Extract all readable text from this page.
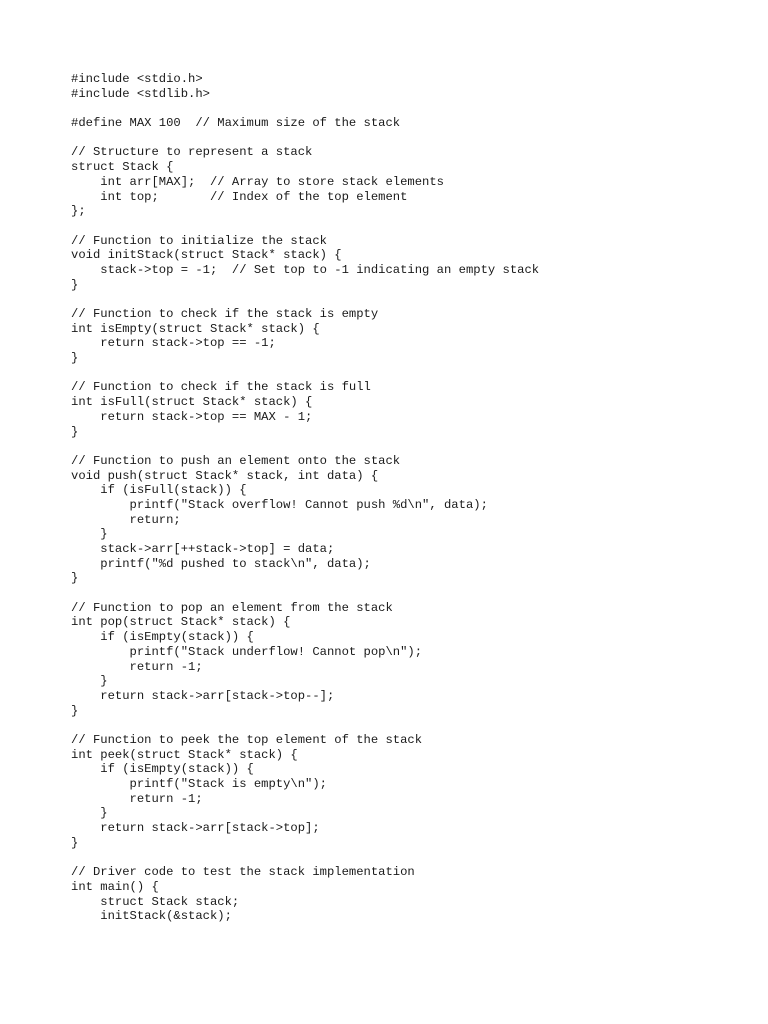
#include <stdio.h>
#include <stdlib.h>
#define MAX 100  // Maximum size of the stack
// Structure to represent a stack
struct Stack {
int arr[MAX];  // Array to store stack elements
int top;       // Index of the top element
};
// Function to initialize the stack
void initStack(struct Stack* stack) {
stack->top = -1;  // Set top to -1 indicating an empty stack
}
// Function to check if the stack is empty
int isEmpty(struct Stack* stack) {
return stack->top == -1;
}
// Function to check if the stack is full
int isFull(struct Stack* stack) {
return stack->top == MAX - 1;
}
// Function to push an element onto the stack
void push(struct Stack* stack, int data) {
if (isFull(stack)) {
printf("Stack overflow! Cannot push %d\n", data);
return;
}
stack->arr[++stack->top] = data;
printf("%d pushed to stack\n", data);
}
// Function to pop an element from the stack
int pop(struct Stack* stack) {
if (isEmpty(stack)) {
printf("Stack underflow! Cannot pop\n");
return -1;
}
return stack->arr[stack->top--];
}
// Function to peek the top element of the stack
int peek(struct Stack* stack) {
if (isEmpty(stack)) {
printf("Stack is empty\n");
return -1;
}
return stack->arr[stack->top];
}
// Driver code to test the stack implementation
int main() {
struct Stack stack;
initStack(&stack);
